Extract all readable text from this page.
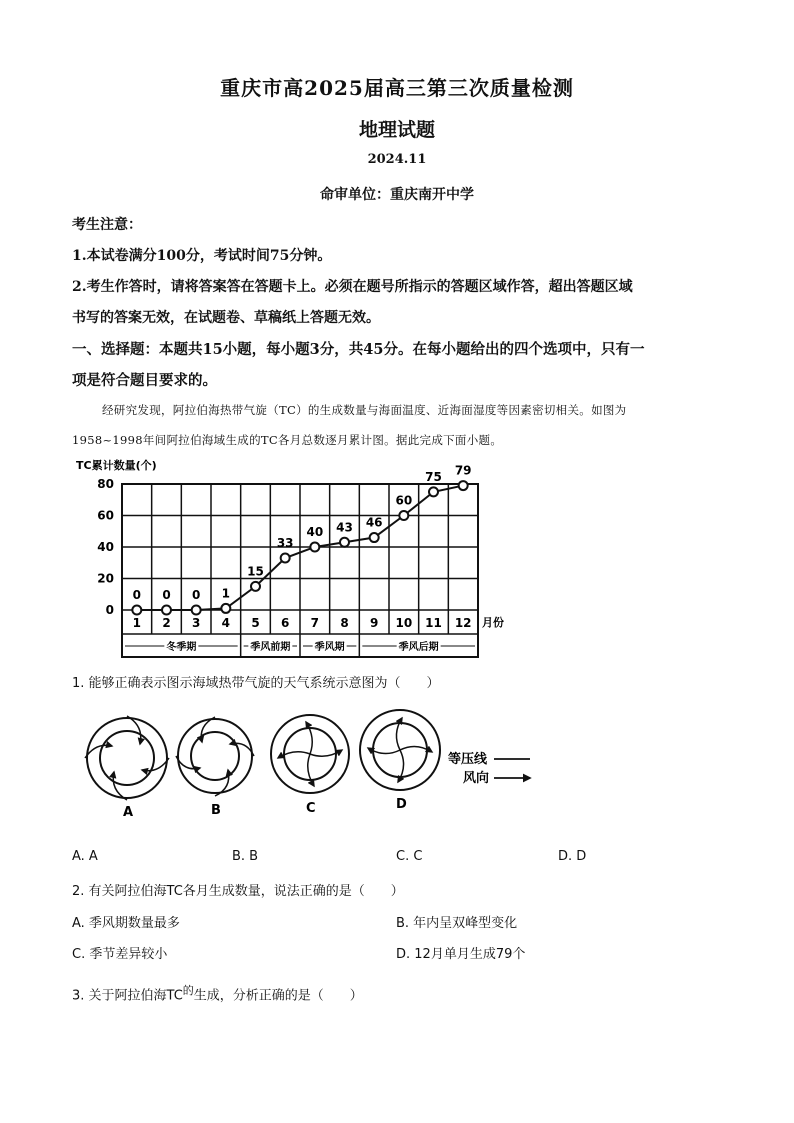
重庆市高2025届高三第三次质量检测
地理试题
2024.11
命审单位：重庆南开中学
考生注意：
1.本试卷满分100分，考试时间75分钟。
2.考生作答时，请将答案答在答题卡上。必须在题号所指示的答题区域作答，超出答题区域
书写的答案无效，在试题卷、草稿纸上答题无效。
一、选择题：本题共15小题，每小题3分，共45分。在每小题给出的四个选项中，只有一
项是符合题目要求的。
经研究发现，阿拉伯海热带气旋（TC）的生成数量与海面温度、近海面湿度等因素密切相关。如图为
1958~1998年间阿拉伯海域生成的TC各月总数逐月累计图。据此完成下面小题。
TC累计数量(个)
80
60
40
20
0
1 2 3 4 5 6 7 8 9 10 11 12 月份
冬季期	季风前期 季风期	季风后期
0 0 0 1
15
33
40 43 46
60
75 79
1. 能够正确表示图示海域热带气旋的天气系统示意图为（　　）
A	B	C	D
等压线
风向
A. A	B. B	C. C	D. D
2. 有关阿拉伯海TC各月生成数量，说法正确的是（　　）
A. 季风期数量最多	B. 年内呈双峰型变化
C. 季节差异较小	D. 12月单月生成79个
3. 关于阿拉伯海$TC^的$生成，分析正确的是（　　）
